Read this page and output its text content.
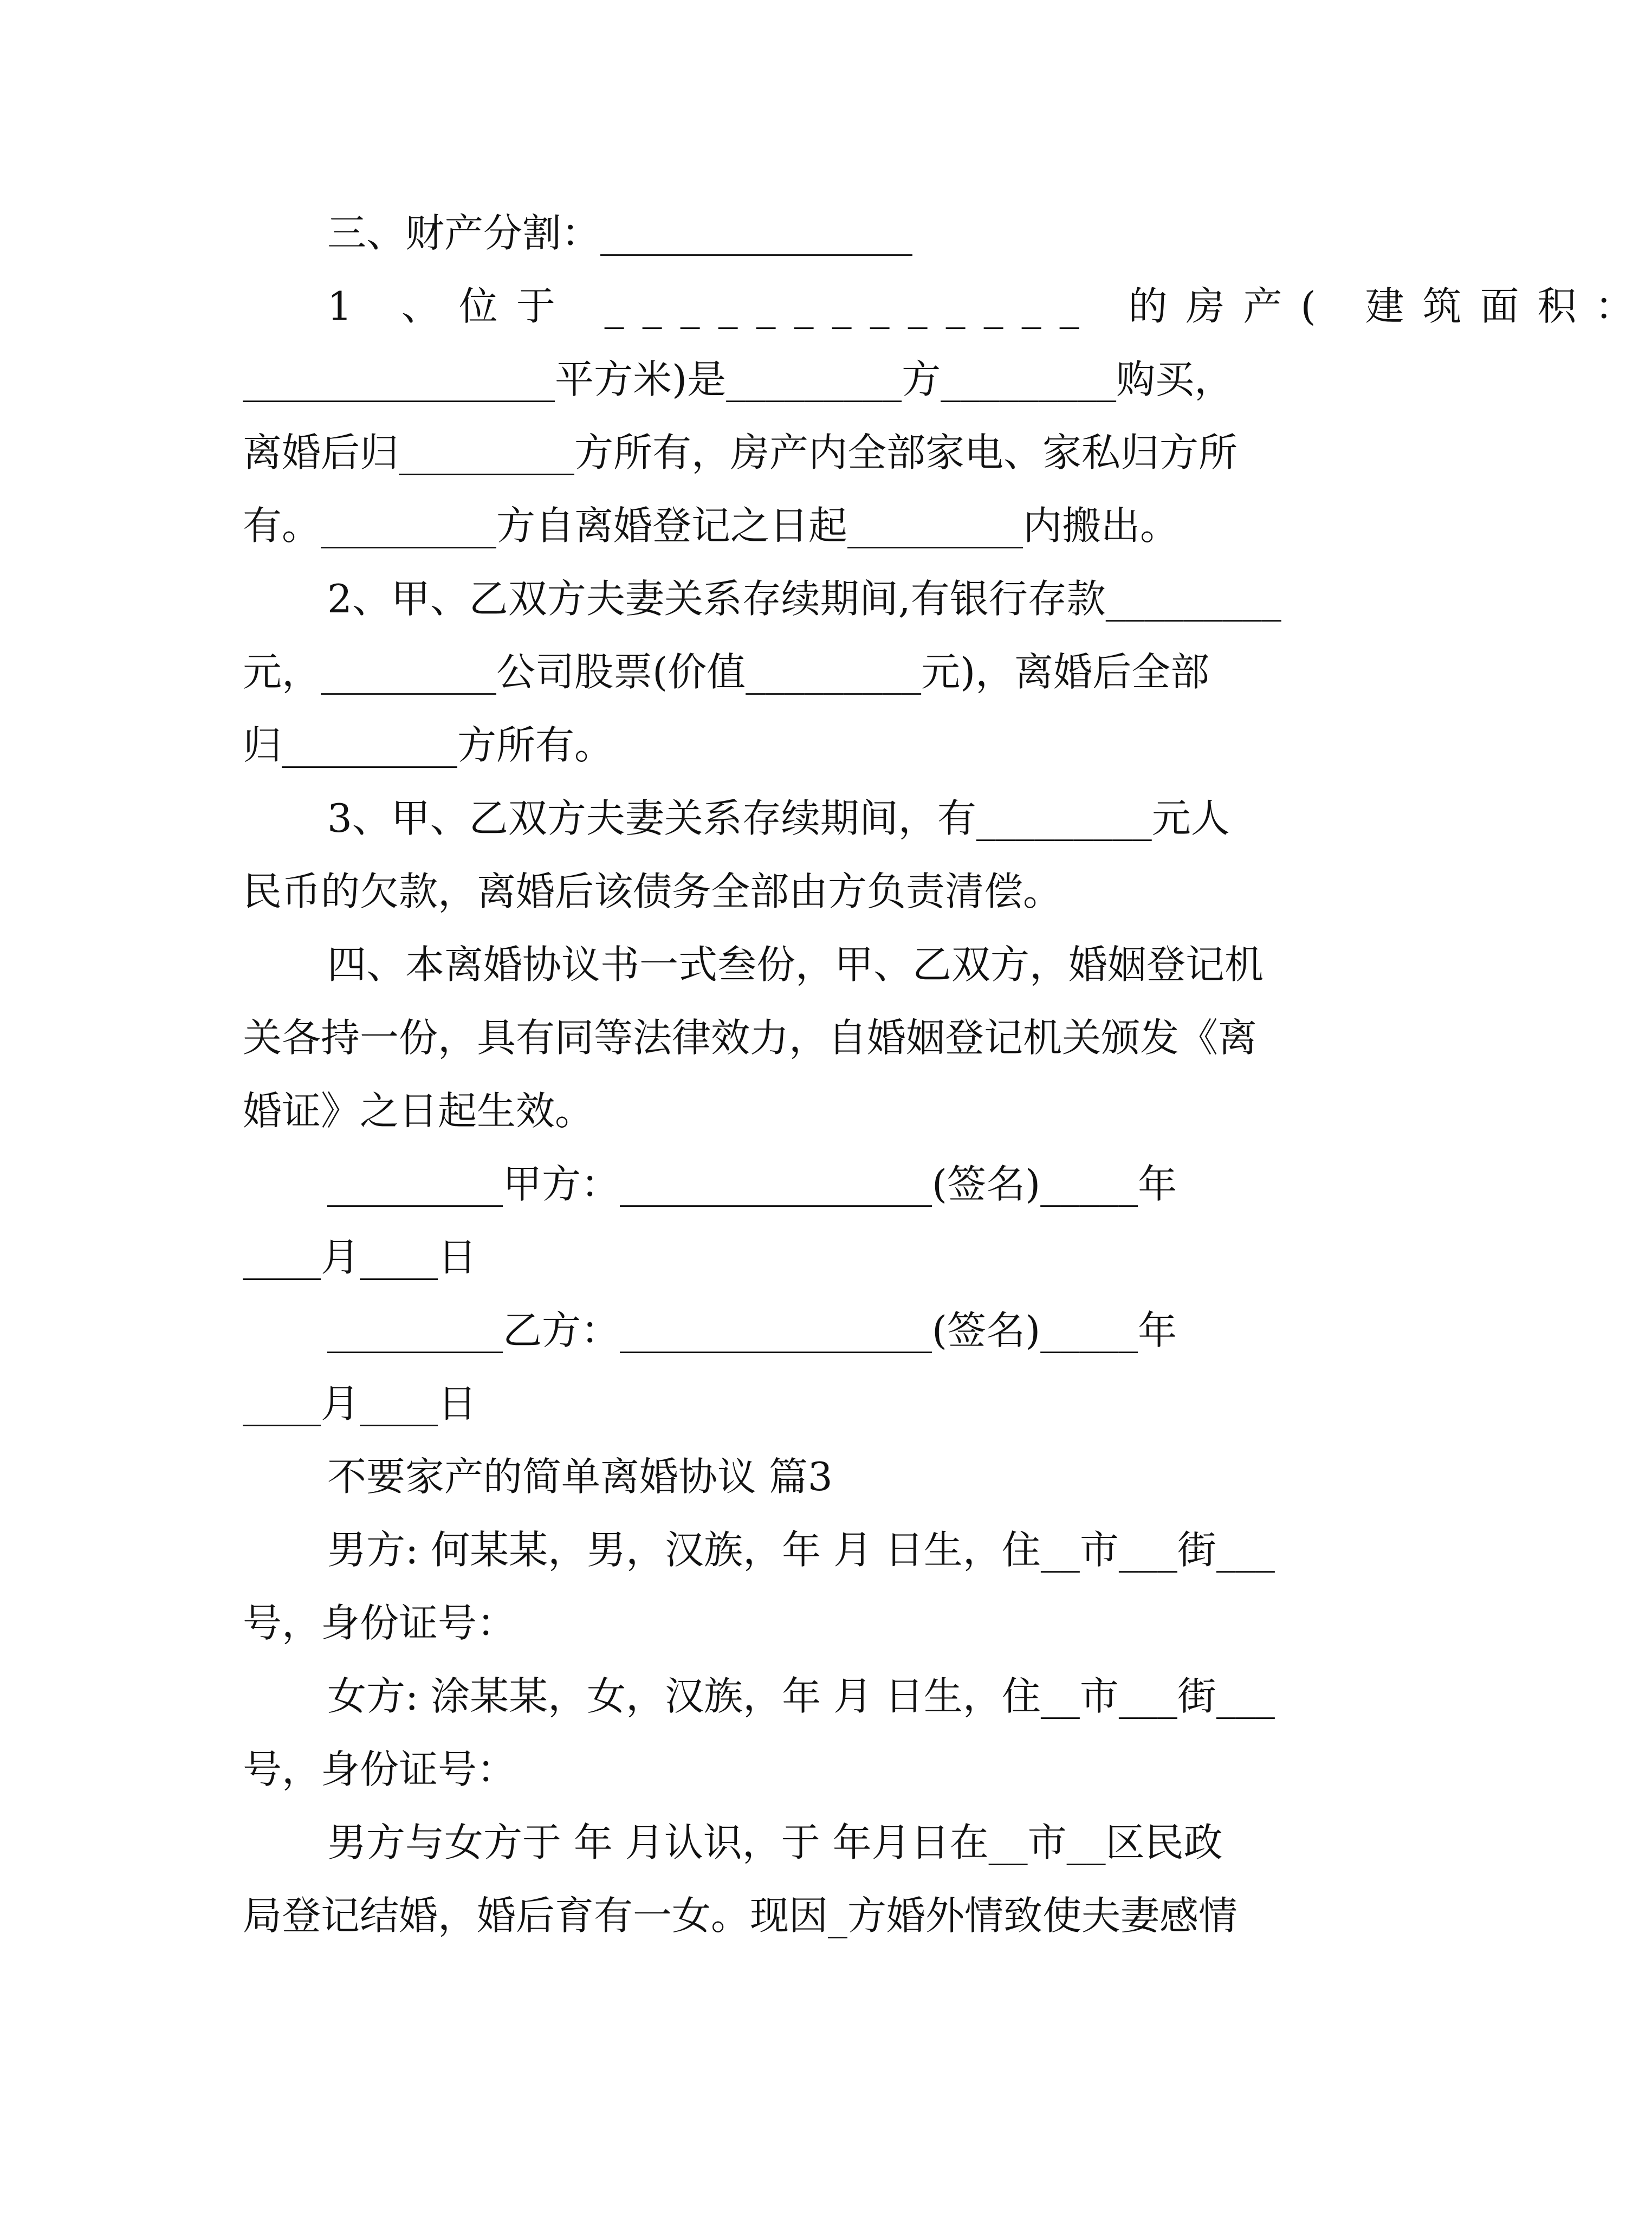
三、财产分割：________________
1 、位于 _____________ 的房产( 建筑面积：
________________平方米)是_________方_________购买，
离婚后归_________方所有，房产内全部家电、家私归方所
有。_________方自离婚登记之日起_________内搬出。
2、甲、乙双方夫妻关系存续期间,有银行存款_________
元，_________公司股票(价值_________元)，离婚后全部
归_________方所有。
3、甲、乙双方夫妻关系存续期间，有_________元人
民币的欠款，离婚后该债务全部由方负责清偿。
四、本离婚协议书一式叁份，甲、乙双方，婚姻登记机
关各持一份，具有同等法律效力，自婚姻登记机关颁发《离
婚证》之日起生效。
_________甲方：________________(签名)_____年
____月____日
_________乙方：________________(签名)_____年
____月____日
不要家产的简单离婚协议 篇3
男方: 何某某，男，汉族，年 月 日生，住__市___街___
号，身份证号：
女方: 涂某某，女，汉族，年 月 日生，住__市___街___
号，身份证号：
男方与女方于 年 月认识，于 年月日在__市__区民政
局登记结婚，婚后育有一女。现因_方婚外情致使夫妻感情
